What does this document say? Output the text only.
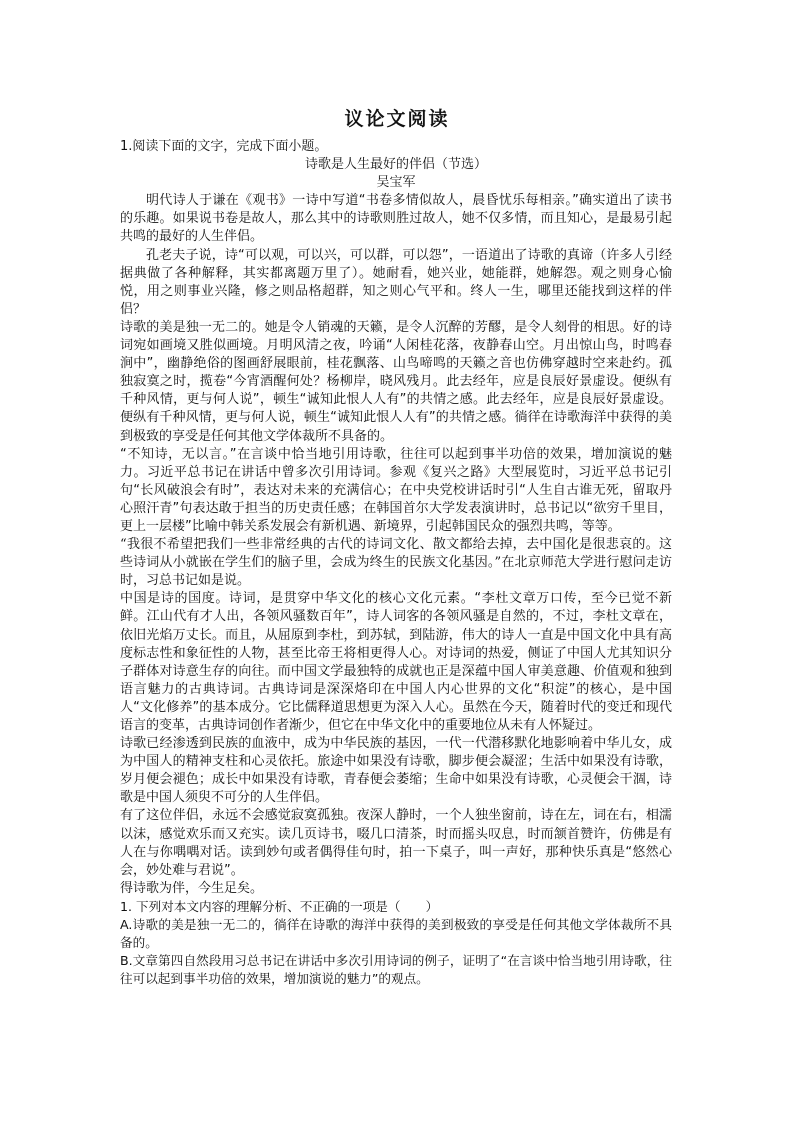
议论文阅读

1.阅读下面的文字，完成下面小题。

诗歌是人生最好的伴侣（节选）

吴宝军

明代诗人于谦在《观书》一诗中写道“书卷多情似故人，晨昏忧乐每相亲。”确实道出了读书的乐趣。如果说书卷是故人，那么其中的诗歌则胜过故人，她不仅多情，而且知心，是最易引起共鸣的最好的人生伴侣。

孔老夫子说，诗“可以观，可以兴，可以群，可以怨”，一语道出了诗歌的真谛（许多人引经据典做了各种解释，其实都离题万里了）。她耐看，她兴业，她能群，她解怨。观之则身心愉悦，用之则事业兴隆，修之则品格超群，知之则心气平和。终人一生，哪里还能找到这样的伴侣？

诗歌的美是独一无二的。她是令人销魂的天籁，是令人沉醉的芳醪，是令人刻骨的相思。好的诗词宛如画境又胜似画境。月明风清之夜，吟诵“人闲桂花落，夜静春山空。月出惊山鸟，时鸣春涧中”，幽静绝俗的图画舒展眼前，桂花飘落、山鸟啼鸣的天籁之音也仿佛穿越时空来赴约。孤独寂寞之时，揽卷“今宵酒醒何处？杨柳岸，晓风残月。此去经年，应是良辰好景虚设。便纵有千种风情，更与何人说”，顿生“诚知此恨人人有”的共情之感。此去经年，应是良辰好景虚设。便纵有千种风情，更与何人说，顿生“诚知此恨人人有”的共情之感。徜徉在诗歌海洋中获得的美到极致的享受是任何其他文学体裁所不具备的。

“不知诗，无以言。”在言谈中恰当地引用诗歌，往往可以起到事半功倍的效果，增加演说的魅力。习近平总书记在讲话中曾多次引用诗词。参观《复兴之路》大型展览时，习近平总书记引句“长风破浪会有时”，表达对未来的充满信心；在中央党校讲话时引“人生自古谁无死，留取丹心照汗青”句表达敢于担当的历史责任感；在韩国首尔大学发表演讲时，总书记以“欲穷千里目，更上一层楼”比喻中韩关系发展会有新机遇、新境界，引起韩国民众的强烈共鸣，等等。

“我很不希望把我们一些非常经典的古代的诗词文化、散文都给去掉，去中国化是很悲哀的。这些诗词从小就嵌在学生们的脑子里，会成为终生的民族文化基因。”在北京师范大学进行慰问走访时，习总书记如是说。

中国是诗的国度。诗词，是贯穿中华文化的核心文化元素。“李杜文章万口传，至今已觉不新鲜。江山代有才人出，各领风骚数百年”，诗人词客的各领风骚是自然的，不过，李杜文章在，依旧光焰万丈长。而且，从屈原到李杜，到苏轼，到陆游，伟大的诗人一直是中国文化中具有高度标志性和象征性的人物，甚至比帝王将相更得人心。对诗词的热爱，侧证了中国人尤其知识分子群体对诗意生存的向往。而中国文学最独特的成就也正是深蕴中国人审美意趣、价值观和独到语言魅力的古典诗词。古典诗词是深深烙印在中国人内心世界的文化“积淀”的核心，是中国人“文化修养”的基本成分。它比儒释道思想更为深入人心。虽然在今天，随着时代的变迁和现代语言的变革，古典诗词创作者渐少，但它在中华文化中的重要地位从未有人怀疑过。

诗歌已经渗透到民族的血液中，成为中华民族的基因，一代一代潜移默化地影响着中华儿女，成为中国人的精神支柱和心灵依托。旅途中如果没有诗歌，脚步便会凝涩；生活中如果没有诗歌，岁月便会褪色；成长中如果没有诗歌，青春便会萎缩；生命中如果没有诗歌，心灵便会干涸，诗歌是中国人须臾不可分的人生伴侣。

有了这位伴侣，永远不会感觉寂寞孤独。夜深人静时，一个人独坐窗前，诗在左，词在右，相濡以沫，感觉欢乐而又充实。读几页诗书，啜几口清茶，时而摇头叹息，时而颔首赞许，仿佛是有人在与你喁喁对话。读到妙句或者偶得佳句时，拍一下桌子，叫一声好，那种快乐真是“悠然心会，妙处难与君说”。

得诗歌为伴，今生足矣。

1. 下列对本文内容的理解分析、不正确的一项是（　　）

A.诗歌的美是独一无二的，徜徉在诗歌的海洋中获得的美到极致的享受是任何其他文学体裁所不具备的。

B.文章第四自然段用习总书记在讲话中多次引用诗词的例子，证明了“在言谈中恰当地引用诗歌，往往可以起到事半功倍的效果，增加演说的魅力”的观点。
